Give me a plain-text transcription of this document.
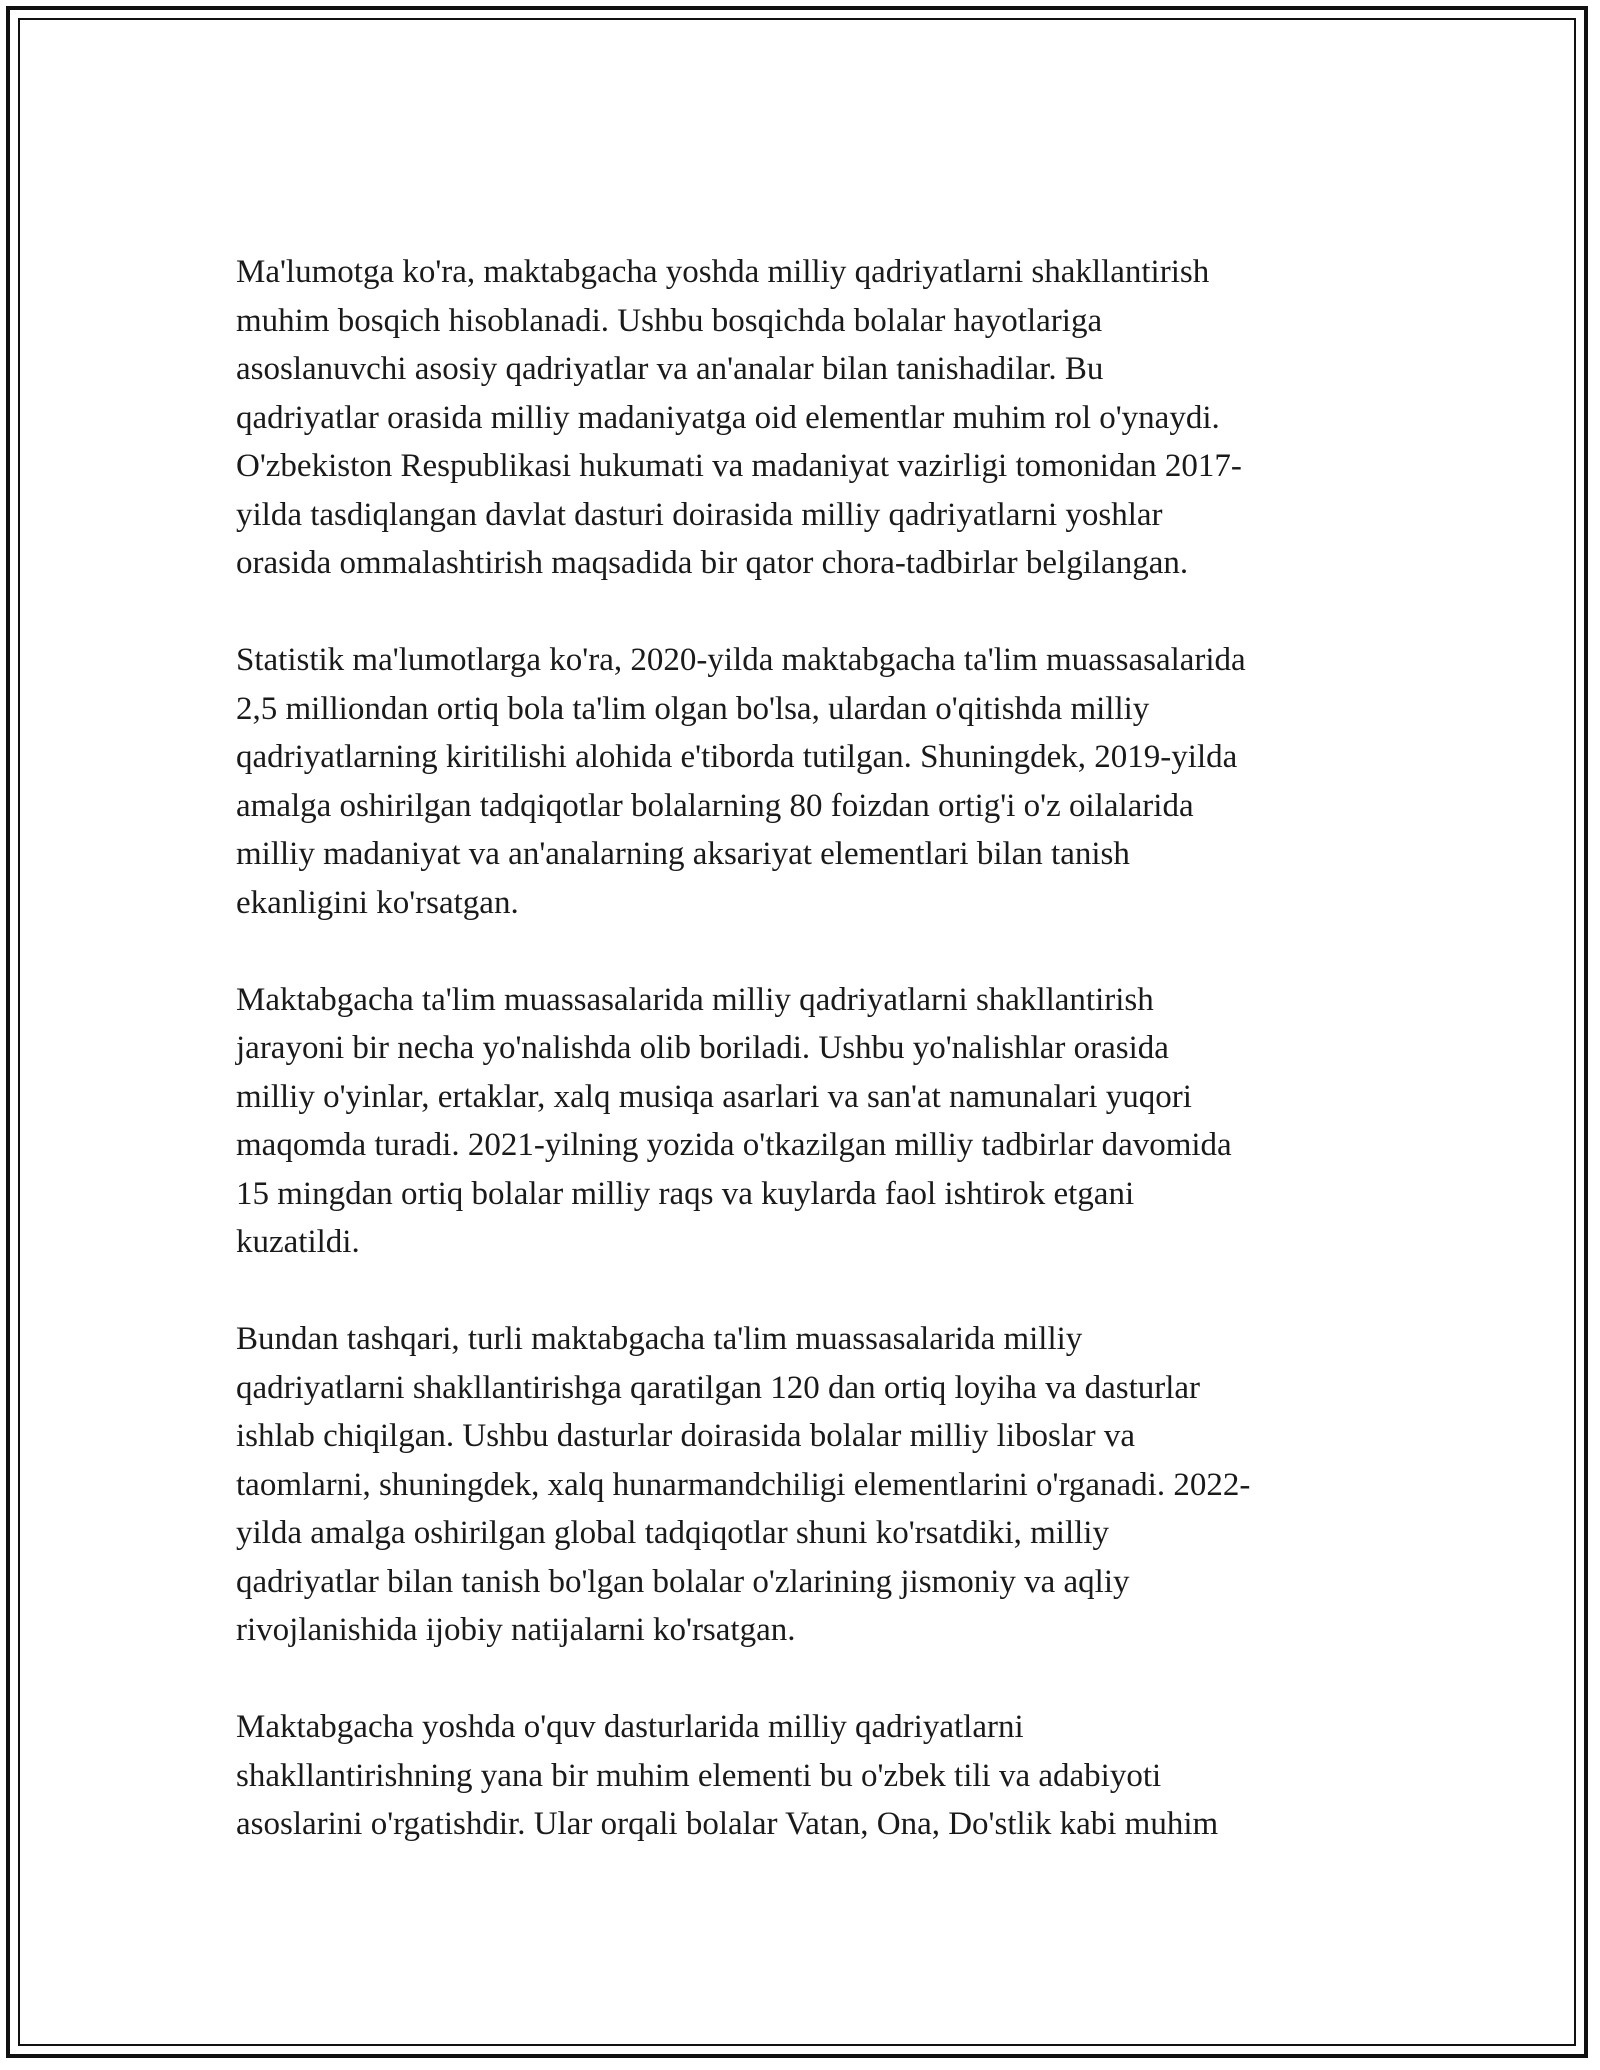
Ma'lumotga ko'ra, maktabgacha yoshda milliy qadriyatlarni shakllantirish
muhim bosqich hisoblanadi. Ushbu bosqichda bolalar hayotlariga
asoslanuvchi asosiy qadriyatlar va an'analar bilan tanishadilar. Bu
qadriyatlar orasida milliy madaniyatga oid elementlar muhim rol o'ynaydi.
O'zbekiston Respublikasi hukumati va madaniyat vazirligi tomonidan 2017-
yilda tasdiqlangan davlat dasturi doirasida milliy qadriyatlarni yoshlar
orasida ommalashtirish maqsadida bir qator chora-tadbirlar belgilangan.

Statistik ma'lumotlarga ko'ra, 2020-yilda maktabgacha ta'lim muassasalarida
2,5 milliondan ortiq bola ta'lim olgan bo'lsa, ulardan o'qitishda milliy
qadriyatlarning kiritilishi alohida e'tiborda tutilgan. Shuningdek, 2019-yilda
amalga oshirilgan tadqiqotlar bolalarning 80 foizdan ortig'i o'z oilalarida
milliy madaniyat va an'analarning aksariyat elementlari bilan tanish
ekanligini ko'rsatgan.

Maktabgacha ta'lim muassasalarida milliy qadriyatlarni shakllantirish
jarayoni bir necha yo'nalishda olib boriladi. Ushbu yo'nalishlar orasida
milliy o'yinlar, ertaklar, xalq musiqa asarlari va san'at namunalari yuqori
maqomda turadi. 2021-yilning yozida o'tkazilgan milliy tadbirlar davomida
15 mingdan ortiq bolalar milliy raqs va kuylarda faol ishtirok etgani
kuzatildi.

Bundan tashqari, turli maktabgacha ta'lim muassasalarida milliy
qadriyatlarni shakllantirishga qaratilgan 120 dan ortiq loyiha va dasturlar
ishlab chiqilgan. Ushbu dasturlar doirasida bolalar milliy liboslar va
taomlarni, shuningdek, xalq hunarmandchiligi elementlarini o'rganadi. 2022-
yilda amalga oshirilgan global tadqiqotlar shuni ko'rsatdiki, milliy
qadriyatlar bilan tanish bo'lgan bolalar o'zlarining jismoniy va aqliy
rivojlanishida ijobiy natijalarni ko'rsatgan.

Maktabgacha yoshda o'quv dasturlarida milliy qadriyatlarni
shakllantirishning yana bir muhim elementi bu o'zbek tili va adabiyoti
asoslarini o'rgatishdir. Ular orqali bolalar Vatan, Ona, Do'stlik kabi muhim
